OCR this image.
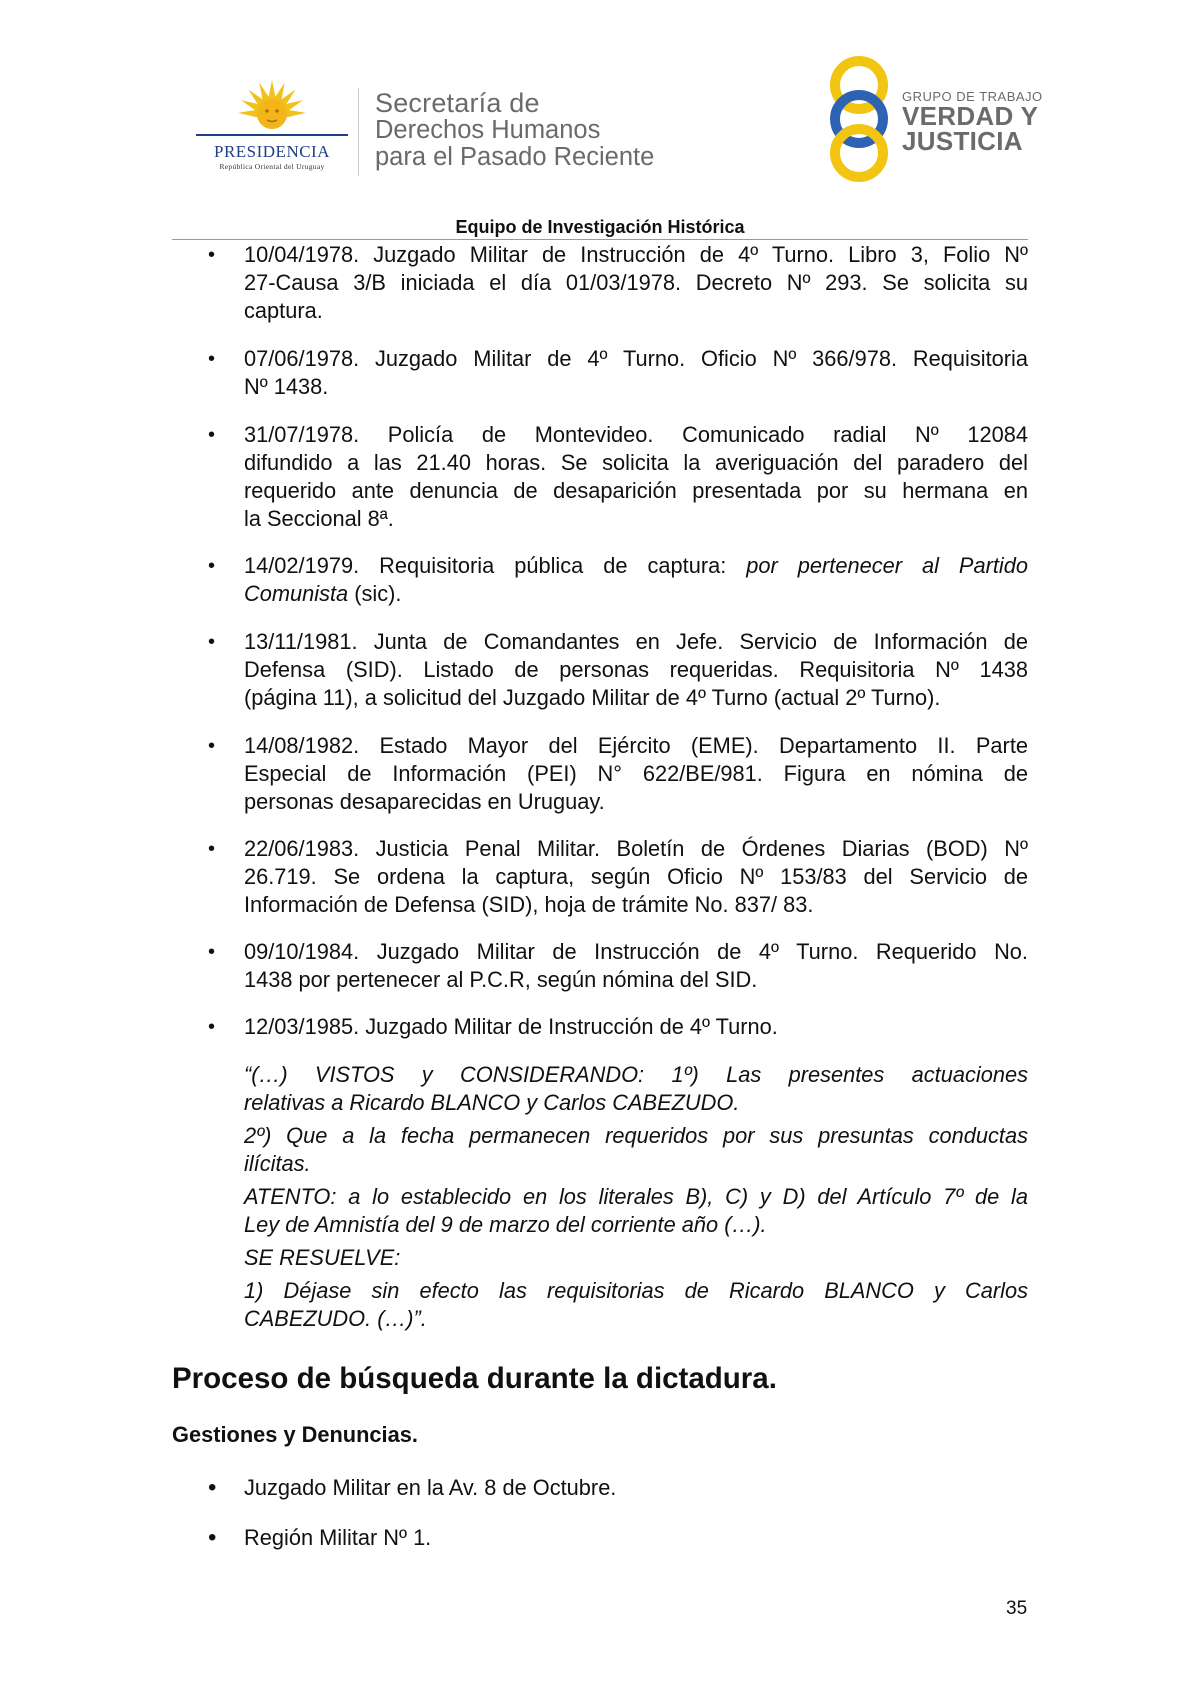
PRESIDENCIA
República Oriental del Uruguay
Secretaría de
Derechos Humanos
para el Pasado Reciente
GRUPO DE TRABAJO
VERDAD Y
JUSTICIA
Equipo de Investigación Histórica
• 10/04/1978. Juzgado Militar de Instrucción de 4º Turno. Libro 3, Folio Nº
27-Causa 3/B iniciada el día 01/03/1978. Decreto Nº 293. Se solicita su
captura.
• 07/06/1978. Juzgado Militar de 4º Turno. Oficio Nº 366/978. Requisitoria
Nº 1438.
• 31/07/1978. Policía de Montevideo. Comunicado radial Nº 12084
difundido a las 21.40 horas. Se solicita la averiguación del paradero del
requerido ante denuncia de desaparición presentada por su hermana en
la Seccional 8ª.
• 14/02/1979. Requisitoria pública de captura: por pertenecer al Partido
Comunista (sic).
• 13/11/1981. Junta de Comandantes en Jefe. Servicio de Información de
Defensa (SID). Listado de personas requeridas. Requisitoria Nº 1438
(página 11), a solicitud del Juzgado Militar de 4º Turno (actual 2º Turno).
• 14/08/1982. Estado Mayor del Ejército (EME). Departamento II. Parte
Especial de Información (PEI) N° 622/BE/981. Figura en nómina de
personas desaparecidas en Uruguay.
• 22/06/1983. Justicia Penal Militar. Boletín de Órdenes Diarias (BOD) Nº
26.719. Se ordena la captura, según Oficio Nº 153/83 del Servicio de
Información de Defensa (SID), hoja de trámite No. 837/ 83.
• 09/10/1984. Juzgado Militar de Instrucción de 4º Turno. Requerido No.
1438 por pertenecer al P.C.R, según nómina del SID.
• 12/03/1985. Juzgado Militar de Instrucción de 4º Turno.
“(…) VISTOS y CONSIDERANDO: 1º) Las presentes actuaciones
relativas a Ricardo BLANCO y Carlos CABEZUDO.
2º) Que a la fecha permanecen requeridos por sus presuntas conductas
ilícitas.
ATENTO: a lo establecido en los literales B), C) y D) del Artículo 7º de la
Ley de Amnistía del 9 de marzo del corriente año (…).
SE RESUELVE:
1) Déjase sin efecto las requisitorias de Ricardo BLANCO y Carlos
CABEZUDO. (…)”.
Proceso de búsqueda durante la dictadura.
Gestiones y Denuncias.
• Juzgado Militar en la Av. 8 de Octubre.
• Región Militar Nº 1.
35
